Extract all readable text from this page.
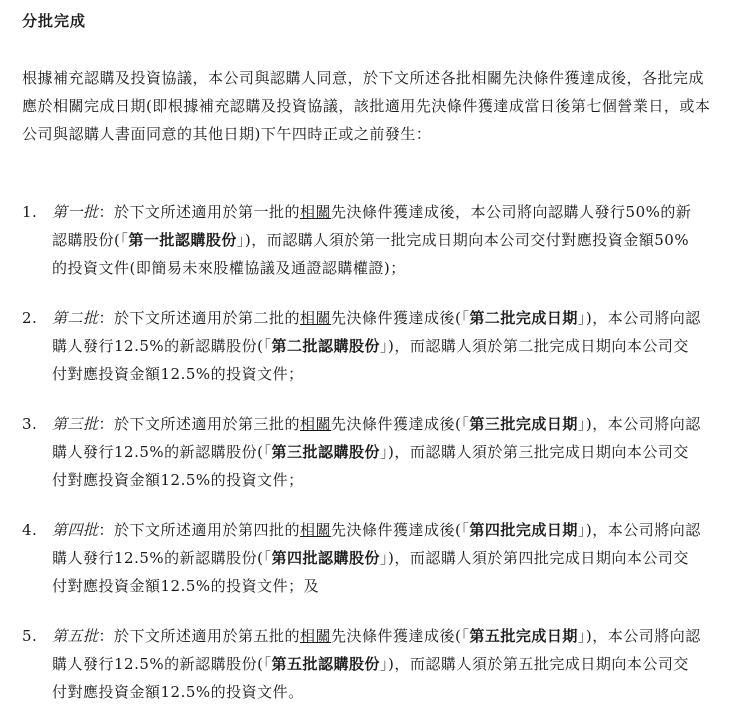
分批完成
根據補充認購及投資協議，本公司與認購人同意，於下文所述各批相關先決條件獲達成後，各批完成應於相關完成日期(即根據補充認購及投資協議，該批適用先決條件獲達成當日後第七個營業日，或本公司與認購人書面同意的其他日期)下午四時正或之前發生：
1. 第一批：於下文所述適用於第一批的相關先決條件獲達成後，本公司將向認購人發行50%的新認購股份(「第一批認購股份」)，而認購人須於第一批完成日期向本公司交付對應投資金額50%的投資文件(即簡易未來股權協議及通證認購權證)；
2. 第二批：於下文所述適用於第二批的相關先決條件獲達成後(「第二批完成日期」)，本公司將向認購人發行12.5%的新認購股份(「第二批認購股份」)，而認購人須於第二批完成日期向本公司交付對應投資金額12.5%的投資文件；
3. 第三批：於下文所述適用於第三批的相關先決條件獲達成後(「第三批完成日期」)，本公司將向認購人發行12.5%的新認購股份(「第三批認購股份」)，而認購人須於第三批完成日期向本公司交付對應投資金額12.5%的投資文件；
4. 第四批：於下文所述適用於第四批的相關先決條件獲達成後(「第四批完成日期」)，本公司將向認購人發行12.5%的新認購股份(「第四批認購股份」)，而認購人須於第四批完成日期向本公司交付對應投資金額12.5%的投資文件；及
5. 第五批：於下文所述適用於第五批的相關先決條件獲達成後(「第五批完成日期」)，本公司將向認購人發行12.5%的新認購股份(「第五批認購股份」)，而認購人須於第五批完成日期向本公司交付對應投資金額12.5%的投資文件。
